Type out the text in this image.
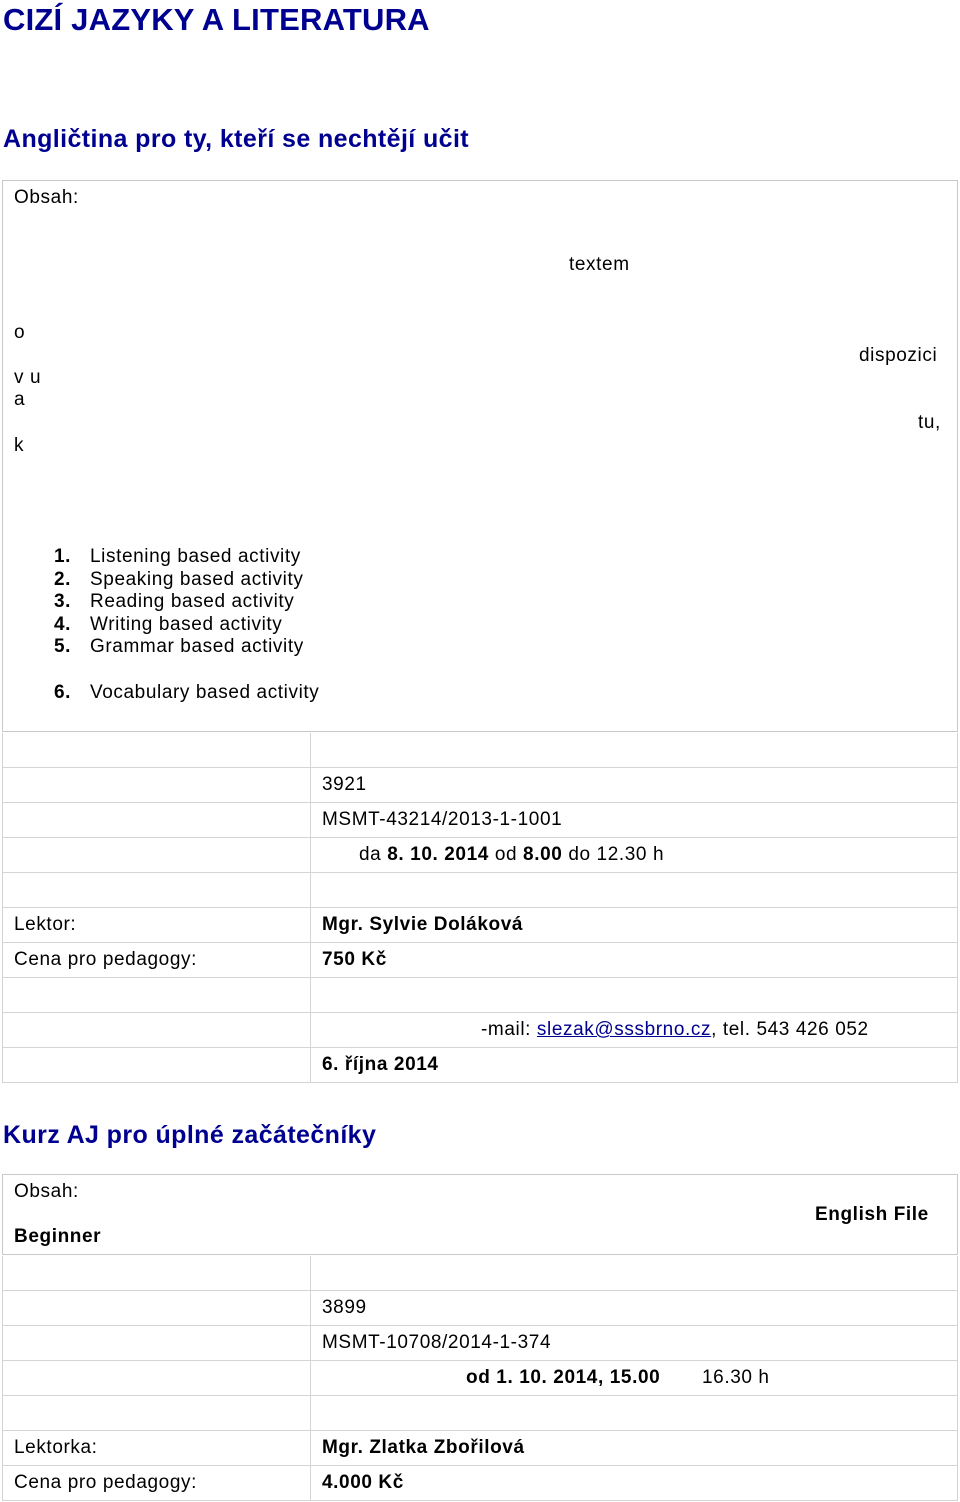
CIZÍ JAZYKY A LITERATURA
Angličtina pro ty, kteří se nechtějí učit
Obsah:
textem
o
dispozici
v u
a
tu,
k
1. Listening based activity
2. Speaking based activity
3. Reading based activity
4. Writing based activity
5. Grammar based activity
6. Vocabulary based activity
3921
MSMT-43214/2013-1-1001
da 8. 10. 2014 od 8.00 do 12.30 h
Lektor:	Mgr. Sylvie Doláková
Cena pro pedagogy:	750 Kč
-mail: slezak@sssbrno.cz, tel. 543 426 052
6. října 2014
Kurz AJ pro úplné začátečníky
Obsah:
English File
Beginner
3899
MSMT-10708/2014-1-374
od 1. 10. 2014, 15.00 16.30 h
Lektorka:	Mgr. Zlatka Zbořilová
Cena pro pedagogy:	4.000 Kč
